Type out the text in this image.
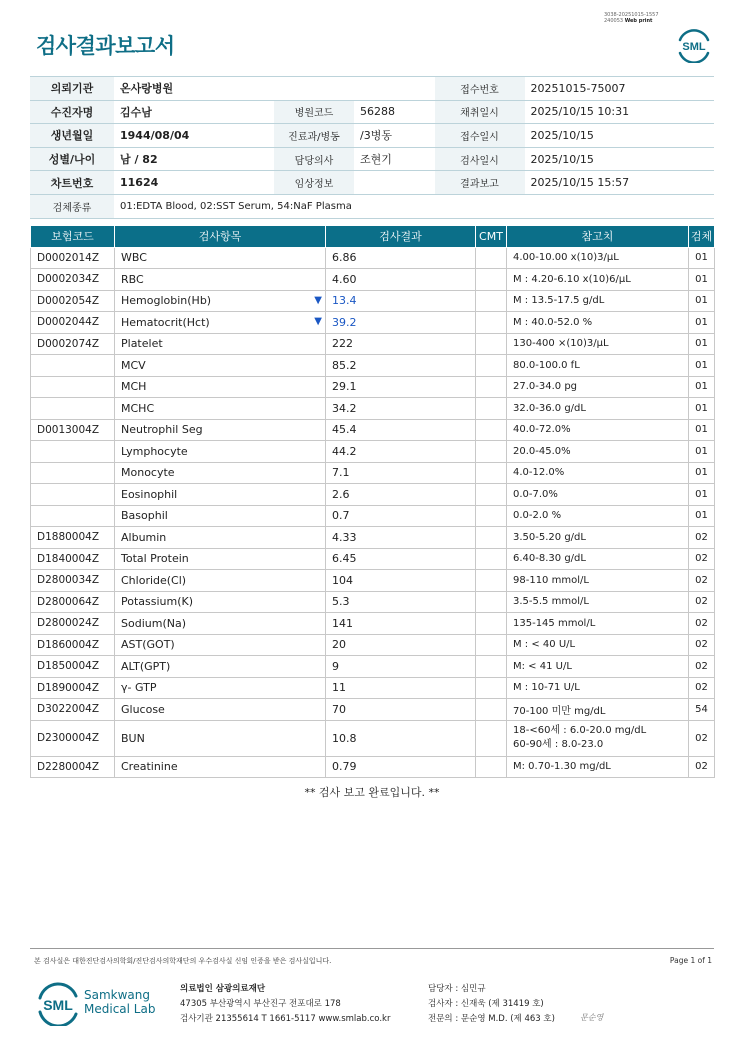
검사결과보고서
3038-20251015-1557
240053 Web print
SML
의뢰기관	온사랑병원			접수번호	20251015-75007
수진자명	김수남	병원코드	56288	채취일시	2025/10/15 10:31
생년월일	1944/08/04	진료과/병동	/3병동	접수일시	2025/10/15
성별/나이	남 / 82	담당의사	조현기	검사일시	2025/10/15
차트번호	11624	임상정보		결과보고	2025/10/15 15:57
검체종류	01:EDTA Blood, 02:SST Serum, 54:NaF Plasma				
보험코드	검사항목	검사결과	CMT	참고치	검체
D0002014Z	WBC	6.86		4.00-10.00 x(10)3/μL	01
D0002034Z	RBC	4.60		M : 4.20-6.10 x(10)6/μL	01
D0002054Z	Hemoglobin(Hb) ▼	13.4		M : 13.5-17.5 g/dL	01
D0002044Z	Hematocrit(Hct) ▼	39.2		M : 40.0-52.0 %	01
D0002074Z	Platelet	222		130-400 ×(10)3/μL	01
	MCV	85.2		80.0-100.0 fL	01
	MCH	29.1		27.0-34.0 pg	01
	MCHC	34.2		32.0-36.0 g/dL	01
D0013004Z	Neutrophil Seg	45.4		40.0-72.0%	01
	Lymphocyte	44.2		20.0-45.0%	01
	Monocyte	7.1		4.0-12.0%	01
	Eosinophil	2.6		0.0-7.0%	01
	Basophil	0.7		0.0-2.0 %	01
D1880004Z	Albumin	4.33		3.50-5.20 g/dL	02
D1840004Z	Total Protein	6.45		6.40-8.30 g/dL	02
D2800034Z	Chloride(Cl)	104		98-110 mmol/L	02
D2800064Z	Potassium(K)	5.3		3.5-5.5 mmol/L	02
D2800024Z	Sodium(Na)	141		135-145 mmol/L	02
D1860004Z	AST(GOT)	20		M : < 40 U/L	02
D1850004Z	ALT(GPT)	9		M: < 41 U/L	02
D1890004Z	γ- GTP	11		M : 10-71 U/L	02
D3022004Z	Glucose	70		70-100 미만 mg/dL	54
D2300004Z	BUN	10.8		18-<60세 : 6.0-20.0 mg/dL
60-90세 : 8.0-23.0	02
D2280004Z	Creatinine	0.79		M: 0.70-1.30 mg/dL	02
** 검사 보고 완료입니다. **
본 검사실은 대한진단검사의학회/진단검사의학재단의 우수검사실 신임 인증을 받은 검사실입니다.	Page 1 of 1
SML
Samkwang
Medical Lab
의료법인 삼광의료재단
47305 부산광역시 부산진구 전포대로 178
검사기관 21355614 T 1661-5117 www.smlab.co.kr
담당자 : 심민규
검사자 : 신재욱 (제 31419 호)
전문의 : 문순영 M.D. (제 463 호)	문순영
